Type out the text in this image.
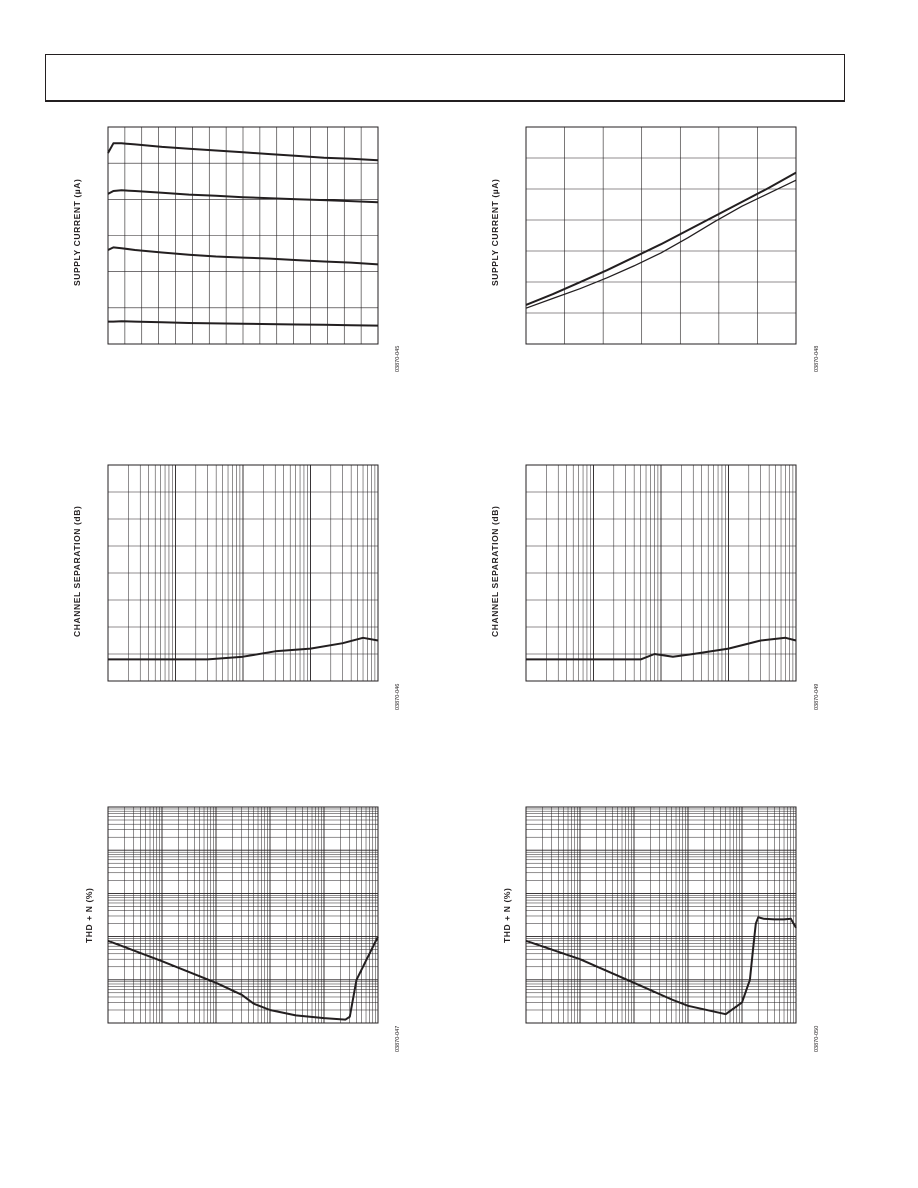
SUPPLY CURRENT (µA)
03870-045
SUPPLY CURRENT (µA)
03870-048
CHANNEL SEPARATION (dB)
03870-046
CHANNEL SEPARATION (dB)
03870-049
THD + N (%)
03870-047
THD + N (%)
03870-050
